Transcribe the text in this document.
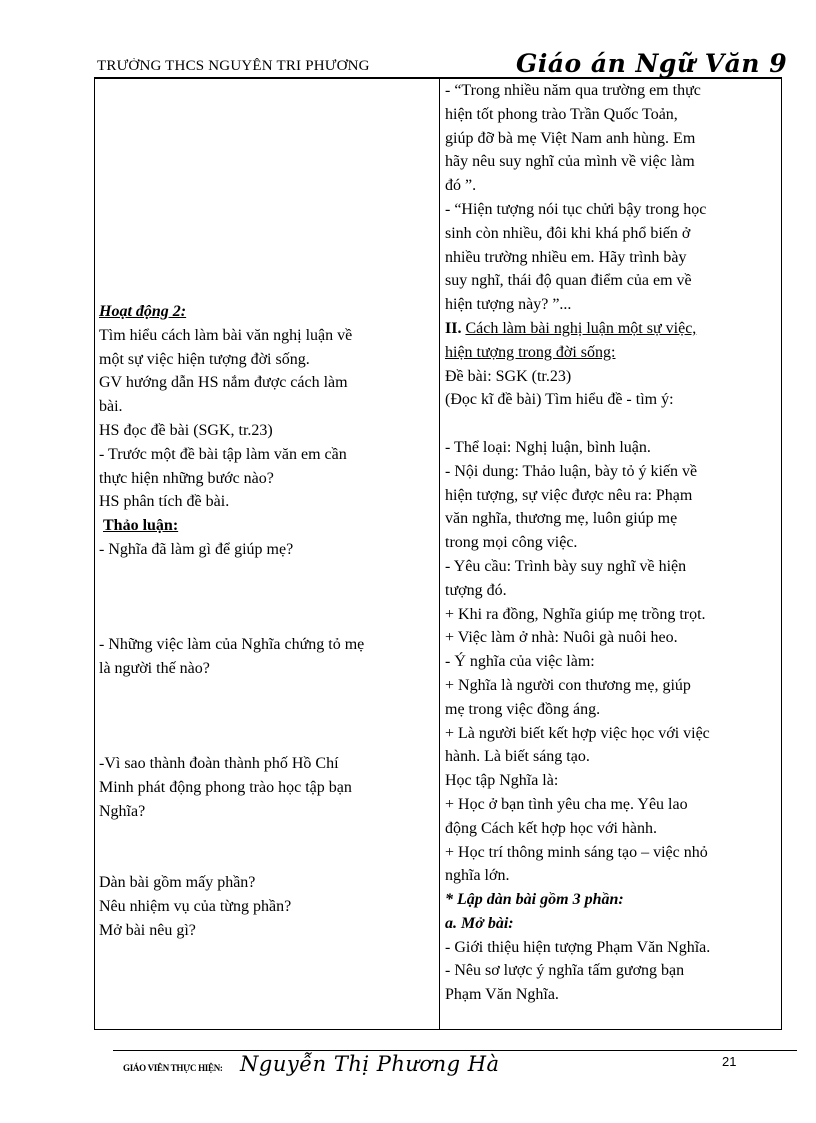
TRƯỜNG THCS NGUYỄN TRI PHƯƠNG	Giáo án Ngữ Văn 9
Hoạt động 2:
Tìm hiểu cách làm bài văn nghị luận về
một sự việc hiện tượng đời sống.
GV hướng dẫn HS nắm được cách làm
bài.
HS đọc đề bài (SGK, tr.23)
- Trước một đề bài tập làm văn em cần
thực hiện những bước nào?
HS phân tích đề bài.
Thảo luận:
- Nghĩa đã làm gì để giúp mẹ?
- Những việc làm của Nghĩa chứng tỏ mẹ
là người thế nào?
-Vì sao thành đoàn thành phố Hồ Chí
Minh phát động phong trào học tập bạn
Nghĩa?
Dàn bài gồm mấy phần?
Nêu nhiệm vụ của từng phần?
Mở bài nêu gì?
- “Trong nhiều năm qua trường em thực
hiện tốt phong trào Trần Quốc Toản,
giúp đỡ bà mẹ Việt Nam anh hùng. Em
hãy nêu suy nghĩ của mình về việc làm
đó ”.
- “Hiện tượng nói tục chửi bậy trong học
sinh còn nhiều, đôi khi khá phổ biến ở
nhiều trường nhiều em. Hãy trình bày
suy nghĩ, thái độ quan điểm của em về
hiện tượng này? ”...
II. Cách làm bài nghị luận một sự việc,
hiện tượng trong đời sống:
Đề bài: SGK (tr.23)
(Đọc kĩ đề bài) Tìm hiểu đề - tìm ý:
- Thể loại: Nghị luận, bình luận.
- Nội dung: Thảo luận, bày tỏ ý kiến về
hiện tượng, sự việc được nêu ra: Phạm
văn nghĩa, thương mẹ, luôn giúp mẹ
trong mọi công việc.
- Yêu cầu: Trình bày suy nghĩ về hiện
tượng đó.
+ Khi ra đồng, Nghĩa giúp mẹ trồng trọt.
+ Việc làm ở nhà: Nuôi gà nuôi heo.
- Ý nghĩa của việc làm:
+ Nghĩa là người con thương mẹ, giúp
mẹ trong việc đồng áng.
+ Là người biết kết hợp việc học với việc
hành. Là biết sáng tạo.
Học tập Nghĩa là:
+ Học ở bạn tình yêu cha mẹ. Yêu lao
động Cách kết hợp học với hành.
+ Học trí thông minh sáng tạo – việc nhỏ
nghĩa lớn.
* Lập dàn bài gồm 3 phần:
a. Mở bài:
- Giới thiệu hiện tượng Phạm Văn Nghĩa.
- Nêu sơ lược ý nghĩa tấm gương bạn
Phạm Văn Nghĩa.
GIÁO VIÊN THỰC HIỆN: Nguyễn Thị Phương Hà	21
